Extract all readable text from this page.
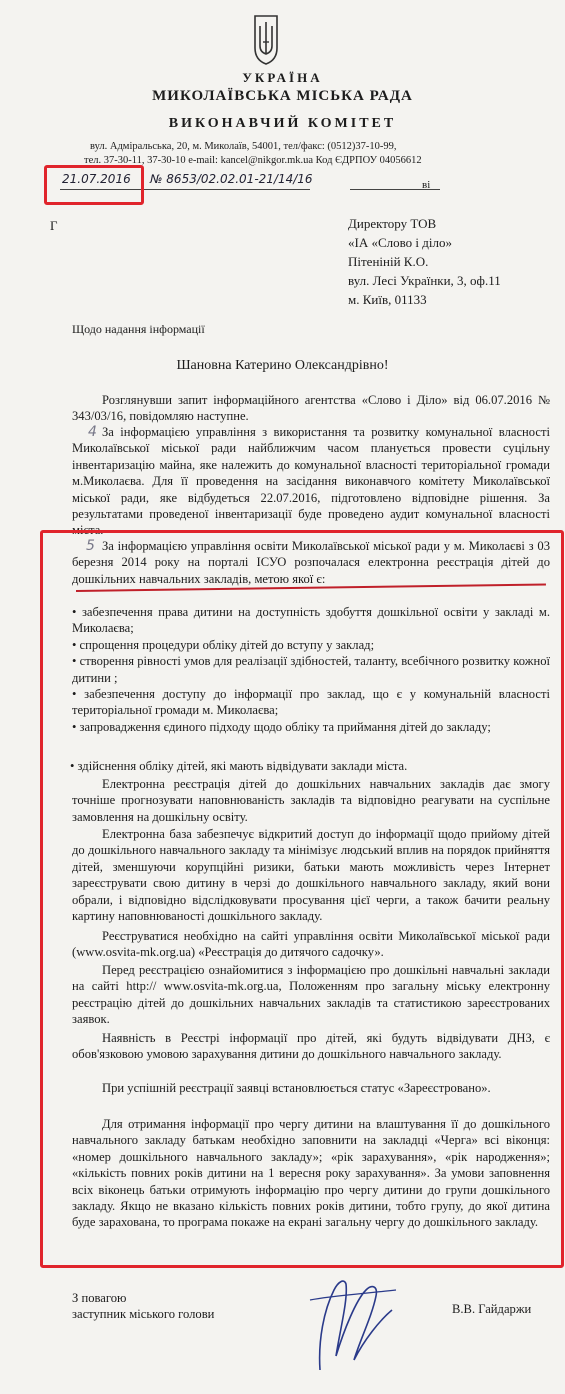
УКРАЇНА
МИКОЛАЇВСЬКА МІСЬКА РАДА
ВИКОНАВЧИЙ КОМІТЕТ
вул. Адміральська, 20, м. Миколаїв, 54001, тел/факс: (0512)37-10-99,
тел. 37-30-11, 37-30-10 e-mail: kancel@nikgor.mk.ua Код ЄДРПОУ 04056612
21.07.2016 № 8653/02.02.01-21/14/16	ві
Г	Директору ТОВ
«ІА «Слово і діло»
Пітеніній К.О.
вул. Лесі Українки, 3, оф.11
м. Київ, 01133
Щодо надання інформації
Шановна Катерино Олександрівно!
Розглянувши запит інформаційного агентства «Слово і Діло» від 06.07.2016 № 343/03/16, повідомляю наступне.
4 За інформацією управління з використання та розвитку комунальної власності Миколаївської міської ради найближчим часом планується провести суцільну інвентаризацію майна, яке належить до комунальної власності територіальної громади м.Миколаєва. Для її проведення на засідання виконавчого комітету Миколаївської міської ради, яке відбудеться 22.07.2016, підготовлено відповідне рішення. За результатами проведеної інвентаризації буде проведено аудит комунальної власності міста.
5 За інформацією управління освіти Миколаївської міської ради у м. Миколаєві з 03 березня 2014 року на порталі ІСУО розпочалася електронна реєстрація дітей до дошкільних навчальних закладів, метою якої є:
• забезпечення права дитини на доступність здобуття дошкільної освіти у закладі м. Миколаєва;
• спрощення процедури обліку дітей до вступу у заклад;
• створення рівності умов для реалізації здібностей, таланту, всебічного розвитку кожної дитини ;
• забезпечення доступу до інформації про заклад, що є у комунальній власності територіальної громади м. Миколаєва;
• запровадження єдиного підходу щодо обліку та приймання дітей до закладу;
• здійснення обліку дітей, які мають відвідувати заклади міста.
Електронна реєстрація дітей до дошкільних навчальних закладів дає змогу точніше прогнозувати наповнюваність закладів та відповідно реагувати на суспільне замовлення на дошкільну освіту.
Електронна база забезпечує відкритий доступ до інформації щодо прийому дітей до дошкільного навчального закладу та мінімізує людський вплив на порядок прийняття дітей, зменшуючи корупційні ризики, батьки мають можливість через Інтернет зареєструвати свою дитину в черзі до дошкільного навчального закладу, який вони обрали, і відповідно відслідковувати просування цієї черги, а також бачити реальну картину наповнюваності дошкільного закладу.
Реєструватися необхідно на сайті управління освіти Миколаївської міської ради (www.osvita-mk.org.ua) «Реєстрація до дитячого садочку».
Перед реєстрацією ознайомитися з інформацією про дошкільні навчальні заклади на сайті http:// www.osvita-mk.org.ua, Положенням про загальну міську електронну реєстрацію дітей до дошкільних навчальних закладів та статистикою зареєстрованих заявок.
Наявність в Реєстрі інформації про дітей, які будуть відвідувати ДНЗ, є обов'язковою умовою зарахування дитини до дошкільного навчального закладу.
При успішній реєстрації заявці встановлюється статус «Зареєстровано».
Для отримання інформації про чергу дитини на влаштування її до дошкільного навчального закладу батькам необхідно заповнити на закладці «Черга» всі віконця: «номер дошкільного навчального закладу»; «рік зарахування», «рік народження»; «кількість повних років дитини на 1 вересня року зарахування». За умови заповнення всіх віконець батьки отримують інформацію про чергу дитини до групи дошкільного закладу. Якщо не вказано кількість повних років дитини, тобто групу, до якої дитина буде зарахована, то програма покаже на екрані загальну чергу до дошкільного закладу.
З повагою
заступник міського голови	В.В. Гайдаржи
